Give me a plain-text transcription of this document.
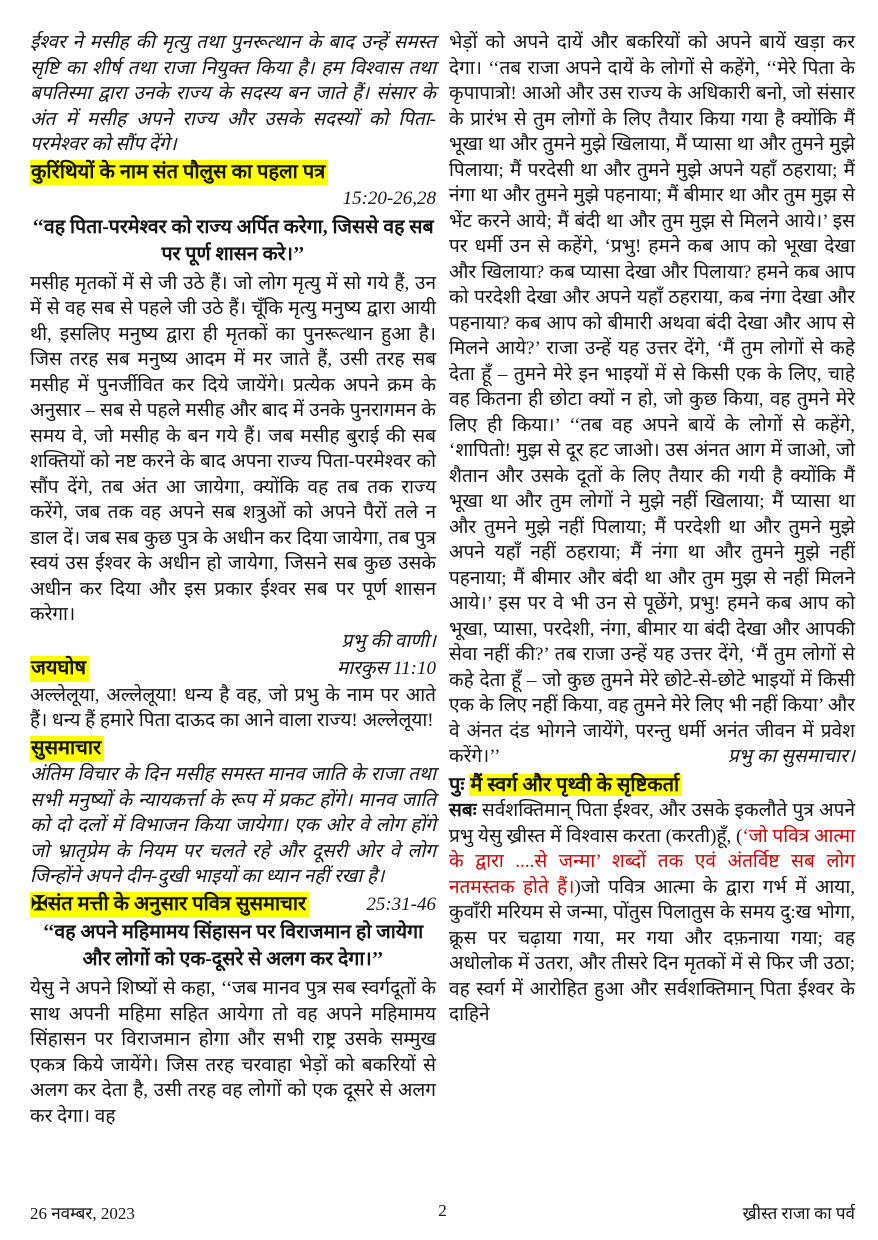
ईश्वर ने मसीह की मृत्यु तथा पुनरूत्थान के बाद उन्हें समस्त सृष्टि का शीर्ष तथा राजा नियुक्त किया है। हम विश्वास तथा बपतिस्मा द्वारा उनके राज्य के सदस्य बन जाते हैं। संसार के अंत में मसीह अपने राज्य और उसके सदस्यों को पिता-परमेश्वर को सौंप देंगे।

कुरिंथियों के नाम संत पौलुस का पहला पत्र

15:20-26,28

‘‘वह पिता-परमेश्वर को राज्य अर्पित करेगा, जिससे वह सब पर पूर्ण शासन करे।’’

मसीह मृतकों में से जी उठे हैं। जो लोग मृत्यु में सो गये हैं, उन में से वह सब से पहले जी उठे हैं। चूँकि मृत्यु मनुष्य द्वारा आयी थी, इसलिए मनुष्य द्वारा ही मृतकों का पुनरूत्थान हुआ है। जिस तरह सब मनुष्य आदम में मर जाते हैं, उसी तरह सब मसीह में पुनर्जीवित कर दिये जायेंगे। प्रत्येक अपने क्रम के अनुसार – सब से पहले मसीह और बाद में उनके पुनरागमन के समय वे, जो मसीह के बन गये हैं। जब मसीह बुराई की सब शक्तियों को नष्ट करने के बाद अपना राज्य पिता-परमेश्वर को सौंप देंगे, तब अंत आ जायेगा, क्योंकि वह तब तक राज्य करेंगे, जब तक वह अपने सब शत्रुओं को अपने पैरों तले न डाल दें। जब सब कुछ पुत्र के अधीन कर दिया जायेगा, तब पुत्र स्वयं उस ईश्वर के अधीन हो जायेगा, जिसने सब कुछ उसके अधीन कर दिया और इस प्रकार ईश्वर सब पर पूर्ण शासन करेगा।

प्रभु की वाणी।

जयघोष	मारकुस 11:10

अल्लेलूया, अल्लेलूया! धन्य है वह, जो प्रभु के नाम पर आते हैं। धन्य हैं हमारे पिता दाऊद का आने वाला राज्य! अल्लेलूया!

सुसमाचार

अंतिम विचार के दिन मसीह समस्त मानव जाति के राजा तथा सभी मनुष्यों के न्यायकर्त्ता के रूप में प्रकट होंगे। मानव जाति को दो दलों में विभाजन किया जायेगा। एक ओर वे लोग होंगे जो भ्रातृप्रेम के नियम पर चलते रहे और दूसरी ओर वे लोग जिन्होंने अपने दीन-दुखी भाइयों का ध्यान नहीं रखा है।

✠संत मत्ती के अनुसार पवित्र सुसमाचार	25:31-46

‘‘वह अपने महिमामय सिंहासन पर विराजमान हो जायेगा और लोगों को एक-दूसरे से अलग कर देगा।’’

येसु ने अपने शिष्यों से कहा, ‘‘जब मानव पुत्र सब स्वर्गदूतों के साथ अपनी महिमा सहित आयेगा तो वह अपने महिमामय सिंहासन पर विराजमान होगा और सभी राष्ट्र उसके सम्मुख एकत्र किये जायेंगे। जिस तरह चरवाहा भेड़ों को बकरियों से अलग कर देता है, उसी तरह वह लोगों को एक दूसरे से अलग कर देगा। वह

भेड़ों को अपने दायें और बकरियों को अपने बायें खड़ा कर देगा। ‘‘तब राजा अपने दायें के लोगों से कहेंगे, ‘‘मेरे पिता के कृपापात्रो! आओ और उस राज्य के अधिकारी बनो, जो संसार के प्रारंभ से तुम लोगों के लिए तैयार किया गया है क्योंकि मैं भूखा था और तुमने मुझे खिलाया, मैं प्यासा था और तुमने मुझे पिलाया; मैं परदेसी था और तुमने मुझे अपने यहाँ ठहराया; मैं नंगा था और तुमने मुझे पहनाया; मैं बीमार था और तुम मुझ से भेंट करने आये; मैं बंदी था और तुम मुझ से मिलने आये।’ इस पर धर्मी उन से कहेंगे, ‘प्रभु! हमने कब आप को भूखा देखा और खिलाया? कब प्यासा देखा और पिलाया? हमने कब आप को परदेशी देखा और अपने यहाँ ठहराया, कब नंगा देखा और पहनाया? कब आप को बीमारी अथवा बंदी देखा और आप से मिलने आये?’ राजा उन्हें यह उत्तर देंगे, ‘मैं तुम लोगों से कहे देता हूँ – तुमने मेरे इन भाइयों में से किसी एक के लिए, चाहे वह कितना ही छोटा क्यों न हो, जो कुछ किया, वह तुमने मेरे लिए ही किया।’ ‘‘तब वह अपने बायें के लोगों से कहेंगे, ‘शापितो! मुझ से दूर हट जाओ। उस अंनत आग में जाओ, जो शैतान और उसके दूतों के लिए तैयार की गयी है क्योंकि मैं भूखा था और तुम लोगों ने मुझे नहीं खिलाया; मैं प्यासा था और तुमने मुझे नहीं पिलाया; मैं परदेशी था और तुमने मुझे अपने यहाँ नहीं ठहराया; मैं नंगा था और तुमने मुझे नहीं पहनाया; मैं बीमार और बंदी था और तुम मुझ से नहीं मिलने आये।’ इस पर वे भी उन से पूछेंगे, प्रभु! हमने कब आप को भूखा, प्यासा, परदेशी, नंगा, बीमार या बंदी देखा और आपकी सेवा नहीं की?’ तब राजा उन्हें यह उत्तर देंगे, ‘मैं तुम लोगों से कहे देता हूँ – जो कुछ तुमने मेरे छोटे-से-छोटे भाइयों में किसी एक के लिए नहीं किया, वह तुमने मेरे लिए भी नहीं किया’ और वे अंनत दंड भोगने जायेंगे, परन्तु धर्मी अनंत जीवन में प्रवेश करेंगे।’’	प्रभु का सुसमाचार।

पुः मैं स्वर्ग और पृथ्वी के सृष्टिकर्ता

सबः सर्वशक्तिमान् पिता ईश्वर, और उसके इकलौते पुत्र अपने प्रभु येसु ख्रीस्त में विश्वास करता (करती)हूँ, (‘जो पवित्र आत्मा के द्वारा ....से जन्मा’ शब्दों तक एवं अंतर्विष्ट सब लोग नतमस्तक होते हैं।)जो पवित्र आत्मा के द्वारा गर्भ में आया, कुवाँरी मरियम से जन्मा, पोंतुस पिलातुस के समय दु:ख भोगा, क्रूस पर चढ़ाया गया, मर गया और दफ़नाया गया; वह अधोलोक में उतरा, और तीसरे दिन मृतकों में से फिर जी उठा; वह स्वर्ग में आरोहित हुआ और सर्वशक्तिमान् पिता ईश्वर के दाहिने

26 नवम्बर, 2023	2	ख्रीस्त राजा का पर्व
